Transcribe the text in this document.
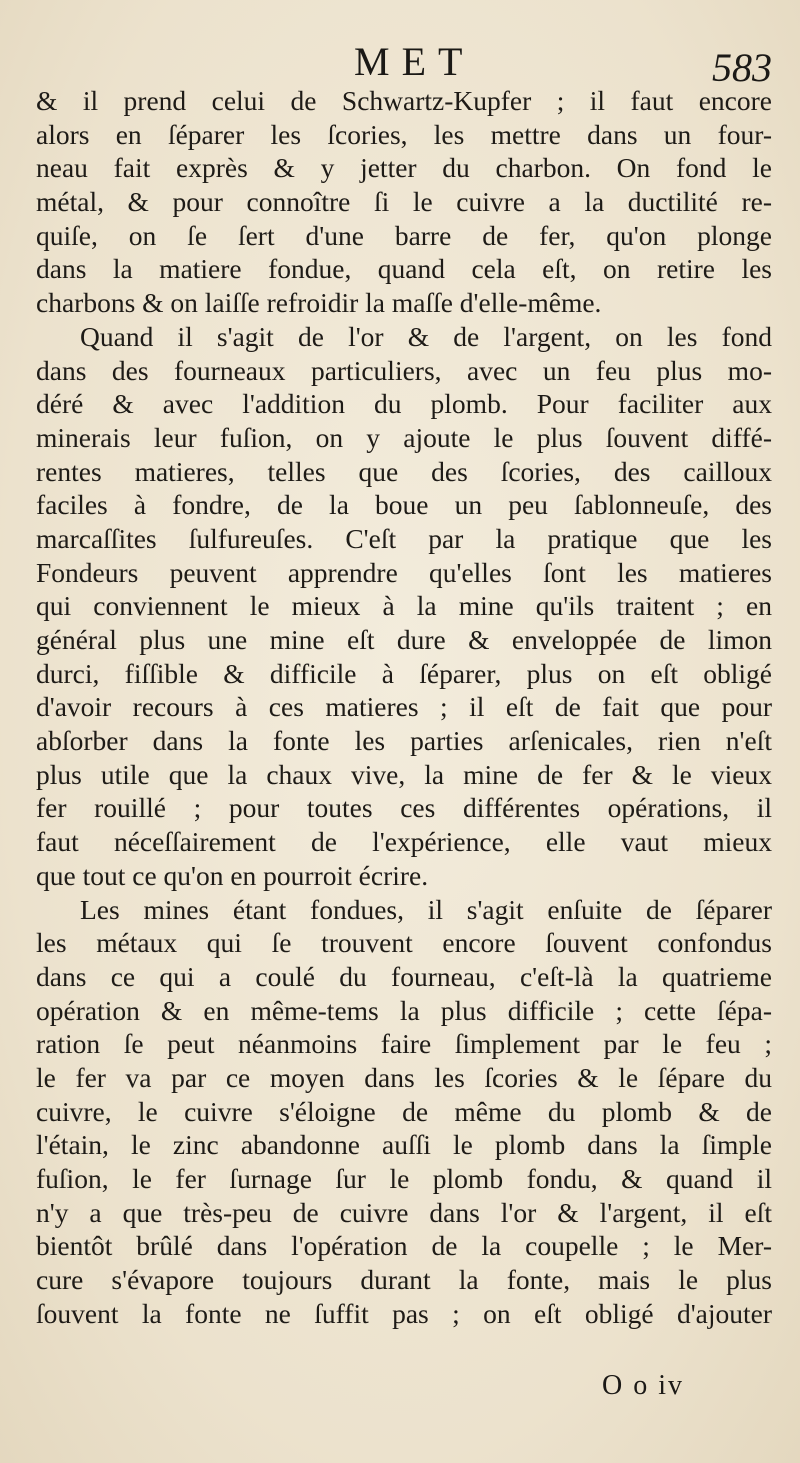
MET	583
& il prend celui de Schwartz-Kupfer ; il faut encore
alors en ſéparer les ſcories, les mettre dans un four-
neau fait exprès & y jetter du charbon. On fond le
métal, & pour connoître ſi le cuivre a la ductilité re-
quiſe, on ſe ſert d'une barre de fer, qu'on plonge
dans la matiere fondue, quand cela eſt, on retire les
charbons & on laiſſe refroidir la maſſe d'elle-même.
Quand il s'agit de l'or & de l'argent, on les fond
dans des fourneaux particuliers, avec un feu plus mo-
déré & avec l'addition du plomb. Pour faciliter aux
minerais leur fuſion, on y ajoute le plus ſouvent diffé-
rentes matieres, telles que des ſcories, des cailloux
faciles à fondre, de la boue un peu ſablonneuſe, des
marcaſſites ſulfureuſes. C'eſt par la pratique que les
Fondeurs peuvent apprendre qu'elles ſont les matieres
qui conviennent le mieux à la mine qu'ils traitent ; en
général plus une mine eſt dure & enveloppée de limon
durci, fiſſible & difficile à ſéparer, plus on eſt obligé
d'avoir recours à ces matieres ; il eſt de fait que pour
abſorber dans la fonte les parties arſenicales, rien n'eſt
plus utile que la chaux vive, la mine de fer & le vieux
fer rouillé ; pour toutes ces différentes opérations, il
faut néceſſairement de l'expérience, elle vaut mieux
que tout ce qu'on en pourroit écrire.
Les mines étant fondues, il s'agit enſuite de ſéparer
les métaux qui ſe trouvent encore ſouvent confondus
dans ce qui a coulé du fourneau, c'eſt-là la quatrieme
opération & en même-tems la plus difficile ; cette ſépa-
ration ſe peut néanmoins faire ſimplement par le feu ;
le fer va par ce moyen dans les ſcories & le ſépare du
cuivre, le cuivre s'éloigne de même du plomb & de
l'étain, le zinc abandonne auſſi le plomb dans la ſimple
fuſion, le fer ſurnage ſur le plomb fondu, & quand il
n'y a que très-peu de cuivre dans l'or & l'argent, il eſt
bientôt brûlé dans l'opération de la coupelle ; le Mer-
cure s'évapore toujours durant la fonte, mais le plus
ſouvent la fonte ne ſuffit pas ; on eſt obligé d'ajouter
O o iv
